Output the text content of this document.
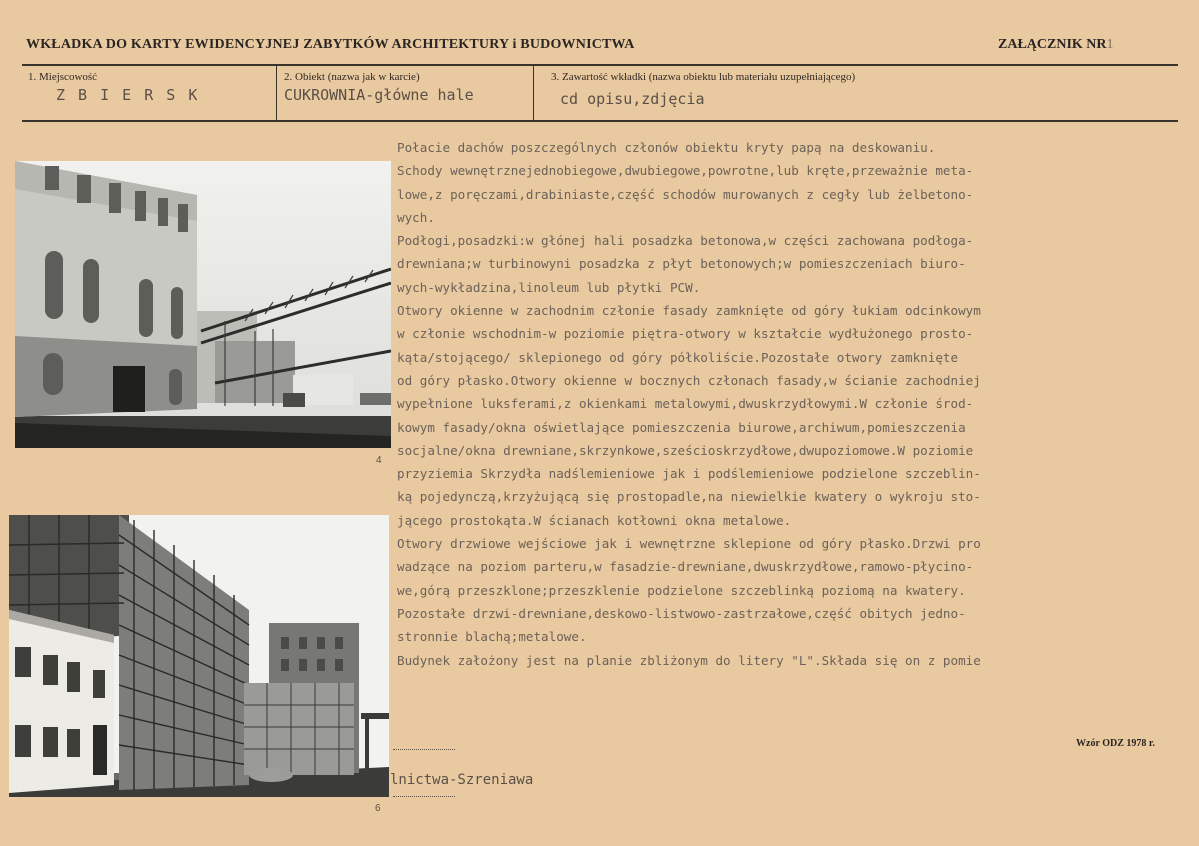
WKŁADKA DO KARTY EWIDENCYJNEJ ZABYTKÓW ARCHITEKTURY i BUDOWNICTWA	ZAŁĄCZNIK NR1
1. Miejscowość
Z B I E R S K
2. Obiekt (nazwa jak w karcie)
CUKROWNIA-główne hale
3. Zawartość wkładki (nazwa obiektu lub materiału uzupełniającego)
cd opisu,zdjęcia
4
6
Połacie dachów poszczególnych członów obiektu kryty papą na deskowaniu.
Schody wewnętrznejednobiegowe,dwubiegowe,powrotne,lub kręte,przeważnie meta-
lowe,z poręczami,drabiniaste,część schodów murowanych z cegły lub żelbetono-
wych.
Podłogi,posadzki:w głónej hali posadzka betonowa,w części zachowana podłoga-
drewniana;w turbinowyni posadzka z płyt betonowych;w pomieszczeniach biuro-
wych-wykładzina,linoleum lub płytki PCW.
Otwory okienne w zachodnim członie fasady zamknięte od góry łukiam odcinkowym
w członie wschodnim-w poziomie piętra-otwory w kształcie wydłużonego prosto-
kąta/stojącego/ sklepionego od góry półkoliście.Pozostałe otwory zamknięte
od góry płasko.Otwory okienne w bocznych członach fasady,w ścianie zachodniej
wypełnione luksferami,z okienkami metalowymi,dwuskrzydłowymi.W członie środ-
kowym fasady/okna oświetlające pomieszczenia biurowe,archiwum,pomieszczenia
socjalne/okna drewniane,skrzynkowe,sześcioskrzydłowe,dwupoziomowe.W poziomie
przyziemia Skrzydła nadślemieniowe jak i podślemieniowe podzielone szczeblin-
ką pojedynczą,krzyżującą się prostopadle,na niewielkie kwatery o wykroju sto-
jącego prostokąta.W ścianach kotłowni okna metalowe.
Otwory drzwiowe wejściowe jak i wewnętrzne sklepione od góry płasko.Drzwi pro
wadzące na poziom parteru,w fasadzie-drewniane,dwuskrzydłowe,ramowo-płycino-
we,górą przeszklone;przeszklenie podzielone szczeblinką poziomą na kwatery.
Pozostałe drzwi-drewniane,deskowo-listwowo-zastrzałowe,część obitych jedno-
stronnie blachą;metalowe.
Budynek założony jest na planie zbliżonym do litery "L".Składa się on z pomie
Wzór ODZ 1978 r.
lnictwa-Szreniawa
